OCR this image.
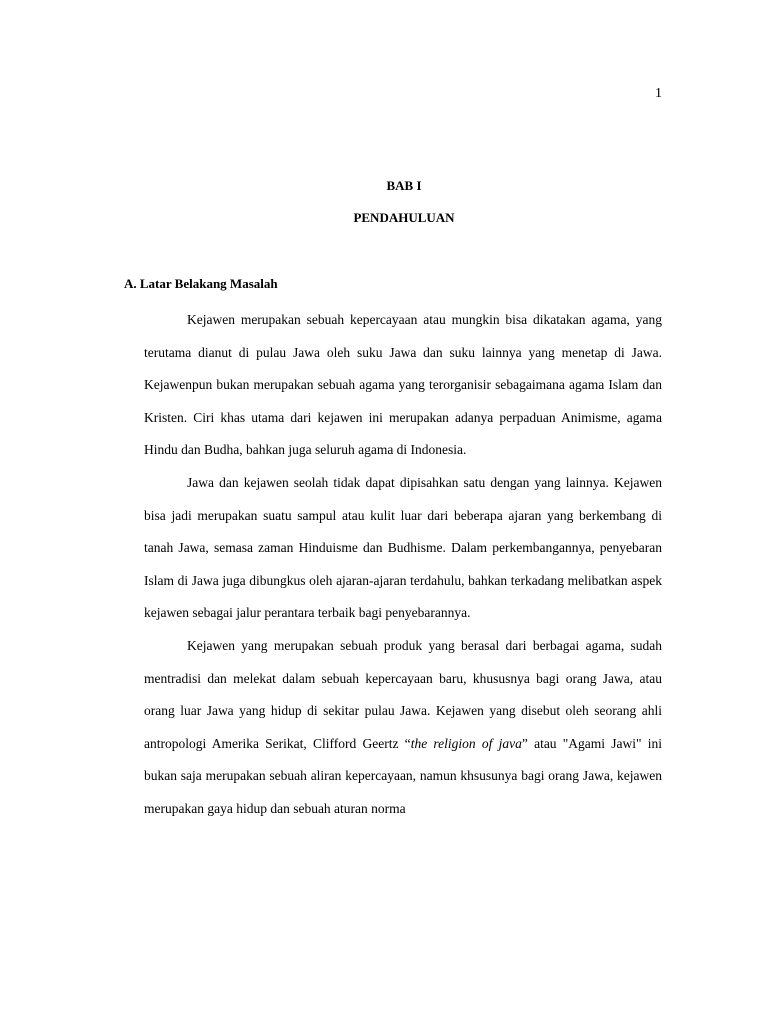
1
BAB I
PENDAHULUAN
A. Latar Belakang Masalah

Kejawen merupakan sebuah kepercayaan atau mungkin bisa dikatakan agama, yang terutama dianut di pulau Jawa oleh suku Jawa dan suku lainnya yang menetap di Jawa. Kejawenpun bukan merupakan sebuah agama yang terorganisir sebagaimana agama Islam dan Kristen. Ciri khas utama dari kejawen ini merupakan adanya perpaduan Animisme, agama Hindu dan Budha, bahkan juga seluruh agama di Indonesia.

Jawa dan kejawen seolah tidak dapat dipisahkan satu dengan yang lainnya. Kejawen bisa jadi merupakan suatu sampul atau kulit luar dari beberapa ajaran yang berkembang di tanah Jawa, semasa zaman Hinduisme dan Budhisme. Dalam perkembangannya, penyebaran Islam di Jawa juga dibungkus oleh ajaran-ajaran terdahulu, bahkan terkadang melibatkan aspek kejawen sebagai jalur perantara terbaik bagi penyebarannya.

Kejawen yang merupakan sebuah produk yang berasal dari berbagai agama, sudah mentradisi dan melekat dalam sebuah kepercayaan baru, khususnya bagi orang Jawa, atau orang luar Jawa yang hidup di sekitar pulau Jawa. Kejawen yang disebut oleh seorang ahli antropologi Amerika Serikat, Clifford Geertz “the religion of java” atau "Agami Jawi" ini bukan saja merupakan sebuah aliran kepercayaan, namun khsusunya bagi orang Jawa, kejawen merupakan gaya hidup dan sebuah aturan norma
